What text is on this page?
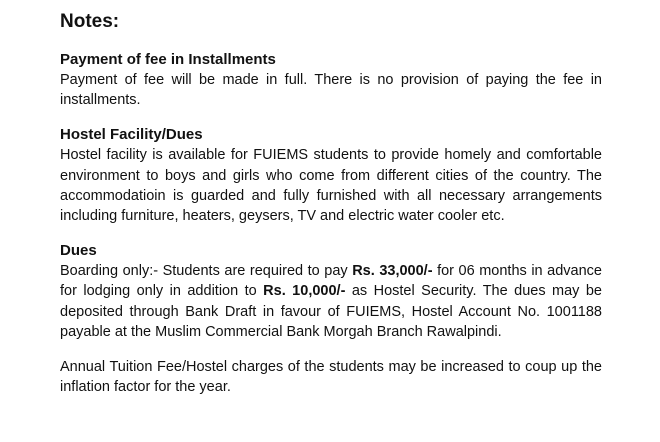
Notes:
Payment of fee in Installments

Payment of fee will be made in full. There is no provision of paying the fee in installments.

Hostel Facility/Dues

Hostel facility is available for FUIEMS students to provide homely and comfortable environment to boys and girls who come from different cities of the country. The accommodatioin is guarded and fully furnished with all necessary arrangements including furniture, heaters, geysers, TV and electric water cooler etc.

Dues

Boarding only:- Students are required to pay Rs. 33,000/- for 06 months in advance for lodging only in addition to Rs. 10,000/- as Hostel Security. The dues may be deposited through Bank Draft in favour of FUIEMS, Hostel Account No. 1001188 payable at the Muslim Commercial Bank Morgah Branch Rawalpindi.

Annual Tuition Fee/Hostel charges of the students may be increased to coup up the inflation factor for the year.
